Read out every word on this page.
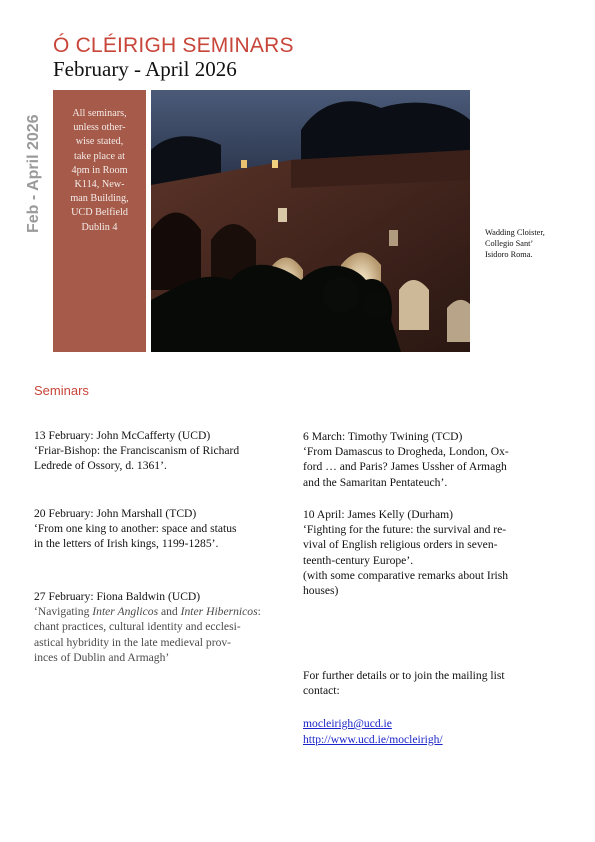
Ó CLÉIRIGH SEMINARS
February - April 2026
Feb - April 2026

All seminars,

unless other-

wise stated,

take place at

4pm in Room

K114, New-

man Building,

UCD Belfield

Dublin 4	Wadding Cloister,
Collegio Sant’
Isidoro Roma.
Seminars
13 February: John McCafferty (UCD)
‘Friar-Bishop: the Franciscanism of Richard
Ledrede of Ossory, d. 1361’.
20 February: John Marshall (TCD)
‘From one king to another: space and status
in the letters of Irish kings, 1199-1285’.
27 February: Fiona Baldwin (UCD)
‘Navigating Inter Anglicos and Inter Hibernicos:
chant practices, cultural identity and ecclesi-
astical hybridity in the late medieval prov-
inces of Dublin and Armagh’
6 March: Timothy Twining (TCD)
‘From Damascus to Drogheda, London, Ox-
ford … and Paris? James Ussher of Armagh
and the Samaritan Pentateuch’.
10 April: James Kelly (Durham)
‘Fighting for the future: the survival and re-
vival of English religious orders in seven-
teenth-century Europe’.
(with some comparative remarks about Irish
houses)
For further details or to join the mailing list
contact:
mocleirigh@ucd.ie
http://www.ucd.ie/mocleirigh/
